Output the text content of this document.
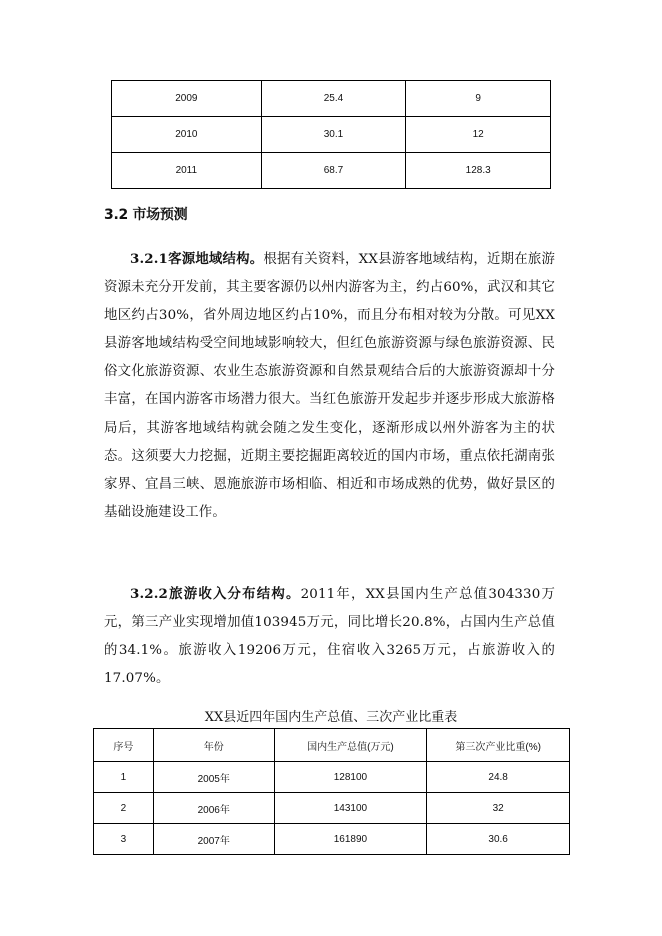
2009	25.4	9
2010	30.1	12
2011	68.7	128.3
3.2 市场预测

3.2.1客源地域结构。根据有关资料，XX县游客地域结构，近期在旅游资源未充分开发前，其主要客源仍以州内游客为主，约占60%，武汉和其它地区约占30%，省外周边地区约占10%，而且分布相对较为分散。可见XX县游客地域结构受空间地域影响较大，但红色旅游资源与绿色旅游资源、民俗文化旅游资源、农业生态旅游资源和自然景观结合后的大旅游资源却十分丰富，在国内游客市场潜力很大。当红色旅游开发起步并逐步形成大旅游格局后，其游客地域结构就会随之发生变化，逐渐形成以州外游客为主的状态。这须要大力挖掘，近期主要挖掘距离较近的国内市场，重点依托湖南张家界、宜昌三峡、恩施旅游市场相临、相近和市场成熟的优势，做好景区的基础设施建设工作。

3.2.2旅游收入分布结构。2011年，XX县国内生产总值304330万元，第三产业实现增加值103945万元，同比增长20.8%，占国内生产总值的34.1%。旅游收入19206万元，住宿收入3265万元，占旅游收入的17.07%。

XX县近四年国内生产总值、三次产业比重表
序号	年份	国内生产总值(万元)	第三次产业比重(%)
1	2005年	128100	24.8
2	2006年	143100	32
3	2007年	161890	30.6
